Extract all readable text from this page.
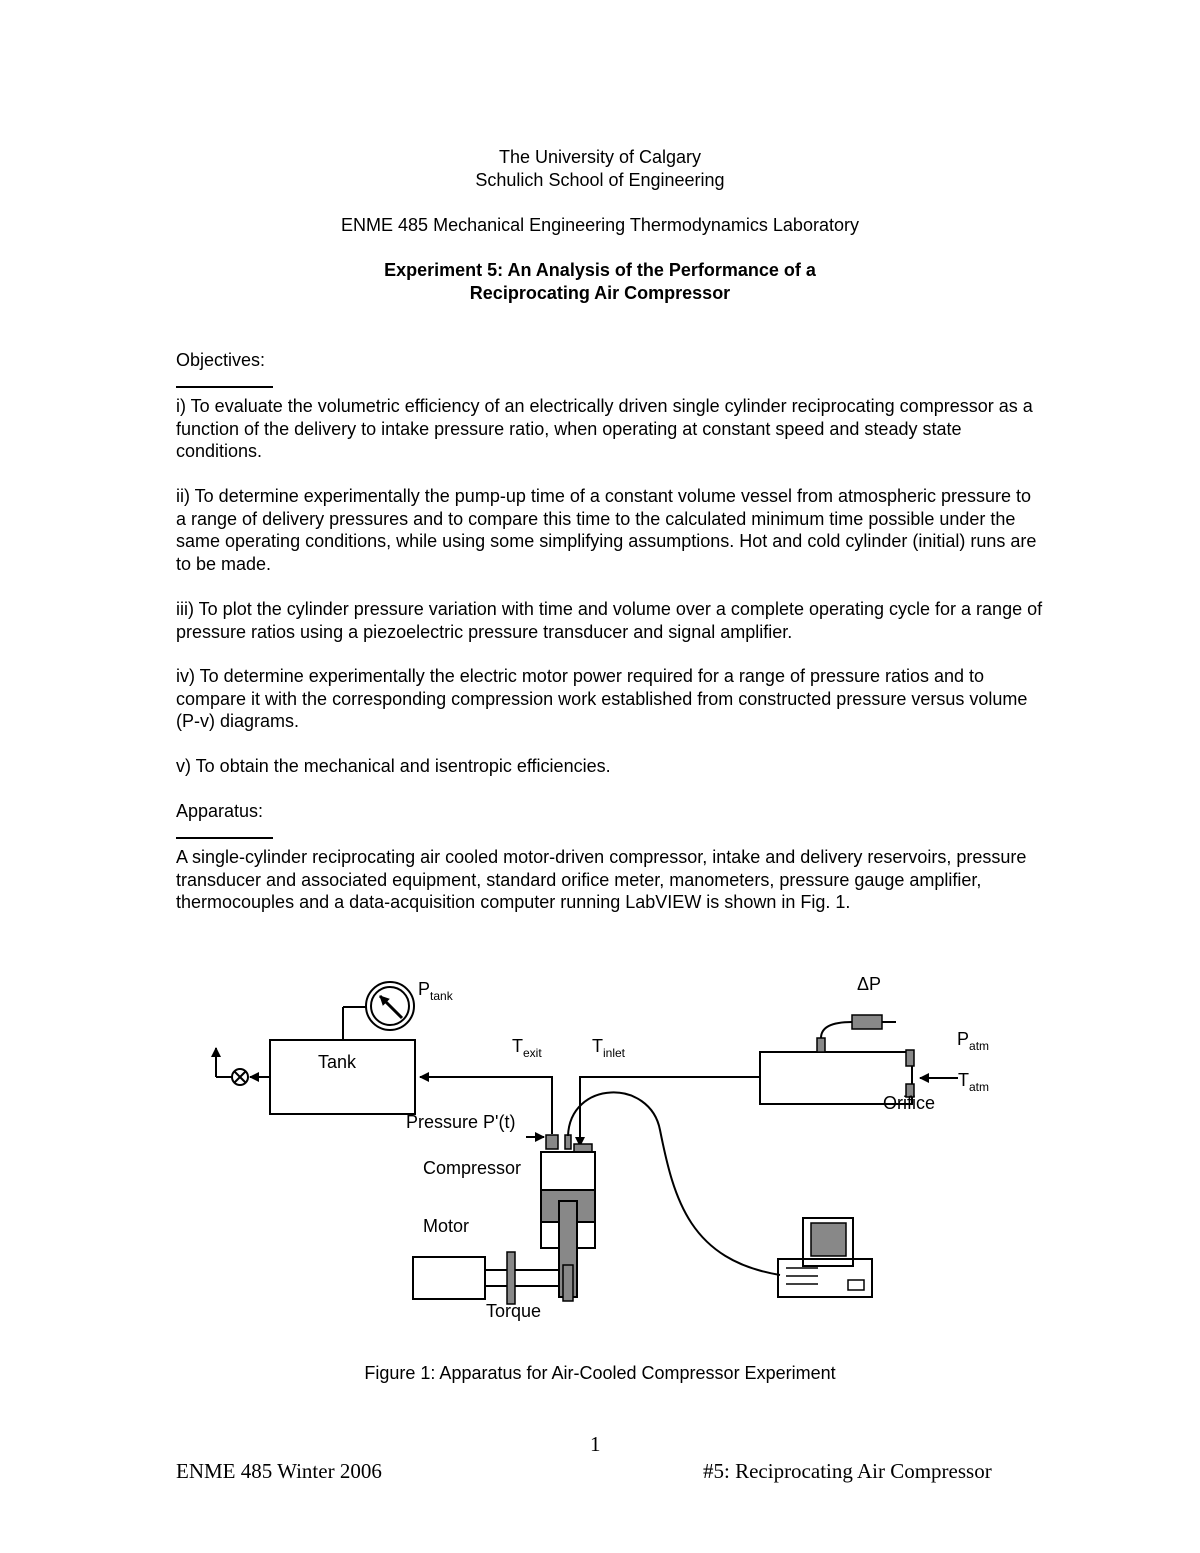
The University of Calgary
Schulich School of Engineering
ENME 485 Mechanical Engineering Thermodynamics Laboratory
Experiment 5: An Analysis of the Performance of a
Reciprocating Air Compressor
Objectives:
i) To evaluate the volumetric efficiency of an electrically driven single cylinder reciprocating compressor as a function of the delivery to intake pressure ratio, when operating at constant speed and steady state conditions.
ii) To determine experimentally the pump-up time of a constant volume vessel from atmospheric pressure to a range of delivery pressures and to compare this time to the calculated minimum time possible under the same operating conditions, while using some simplifying assumptions. Hot and cold cylinder (initial) runs are to be made.
iii) To plot the cylinder pressure variation with time and volume over a complete operating cycle for a range of pressure ratios using a piezoelectric pressure transducer and signal amplifier.
iv) To determine experimentally the electric motor power required for a range of pressure ratios and to compare it with the corresponding compression work established from constructed pressure versus volume (P-v) diagrams.
v) To obtain the mechanical and isentropic efficiencies.
Apparatus:
A single-cylinder reciprocating air cooled motor-driven compressor, intake and delivery reservoirs, pressure transducer and associated equipment, standard orifice meter, manometers, pressure gauge amplifier, thermocouples and a data-acquisition computer running LabVIEW is shown in Fig. 1.
Tank
$P_{tank}$
$T_{exit}$	$T_{inlet}$
$P_{atm}$
$T_{atm}$
Orifice
ΔP
Pressure P'(t)
Compressor
Motor
Torque
Figure 1: Apparatus for Air-Cooled Compressor Experiment
1
ENME 485 Winter 2006	#5: Reciprocating Air Compressor
